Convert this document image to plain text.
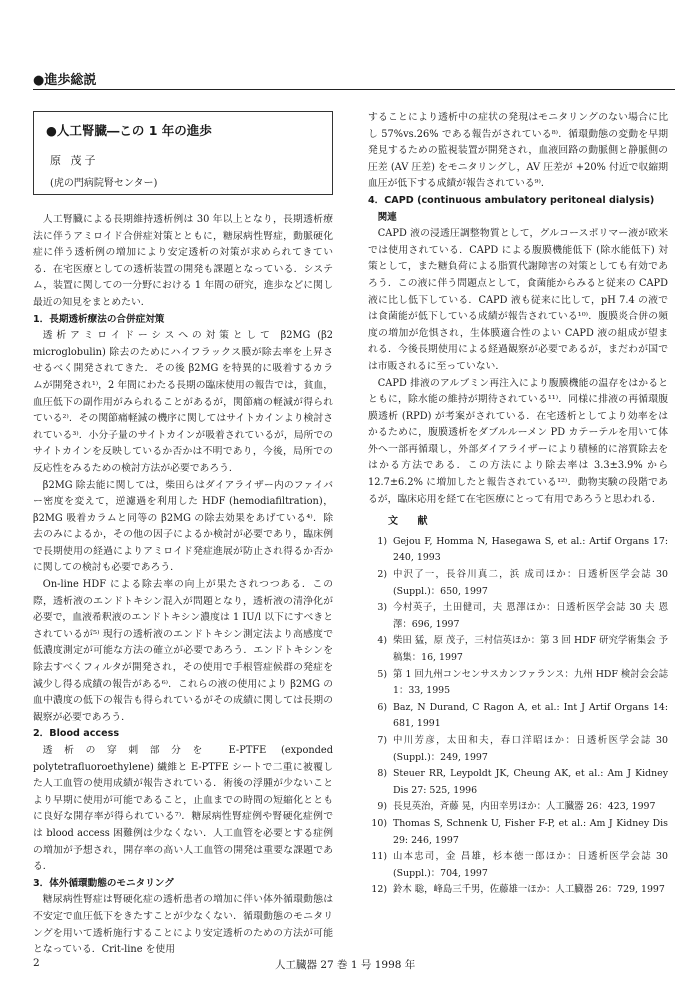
●進歩総説
●人工腎臓―この 1 年の進歩
原 茂子
(虎の門病院腎センター)

人工腎臓による長期維持透析例は 30 年以上となり，長期透析療法に伴うアミロイド合併症対策とともに，糖尿病性腎症，動脈硬化症に伴う透析例の増加により安定透析の対策が求められてきている．在宅医療としての透析装置の開発も課題となっている．システム，装置に関しての一分野における 1 年間の研究，進歩などに関し最近の知見をまとめたい．

1．長期透析療法の合併症対策

透析アミロイドーシスへの対策として β2MG (β2 microglobulin) 除去のためにハイフラックス膜が除去率を上昇させるべく開発されてきた．その後 β2MG を特異的に吸着するカラムが開発され¹⁾，2 年間にわたる長期の臨床使用の報告では，貧血，血圧低下の副作用がみられることがあるが，関節痛の軽減が得られている²⁾．その関節痛軽減の機序に関してはサイトカインより検討されている³⁾．小分子量のサイトカインが吸着されているが，局所でのサイトカインを反映しているか否かは不明であり，今後，局所での反応性をみるための検討方法が必要であろう．

β2MG 除去能に関しては，柴田らはダイアライザー内のファイバー密度を変えて，逆濾過を利用した HDF (hemodiafiltration)，β2MG 吸着カラムと同等の β2MG の除去効果をあげている⁴⁾．除去のみによるか，その他の因子によるか検討が必要であり，臨床例で長期使用の経過によりアミロイド発症進展が防止され得るか否かに関しての検討も必要であろう．

On-line HDF による除去率の向上が果たされつつある．この際，透析液のエンドトキシン混入が問題となり，透析液の清浄化が必要で，血液希釈液のエンドトキシン濃度は 1 IU/l 以下にすべきとされているが⁵⁾ 現行の透析液のエンドトキシン測定法より高感度で低濃度測定が可能な方法の確立が必要であろう．エンドトキシンを除去すべくフィルタが開発され，その使用で手根管症候群の発症を減少し得る成績の報告がある⁶⁾．これらの液の使用により β2MG の血中濃度の低下の報告も得られているがその成績に関しては長期の観察が必要であろう．

2．Blood access

透析の穿刺部分を E-PTFE (exponded polytetrafluoroethylene) 繊維と E-PTFE シートで二重に被覆した人工血管の使用成績が報告されている．術後の浮腫が少ないことより早期に使用が可能であること，止血までの時間の短縮化とともに良好な開存率が得られている⁷⁾．糖尿病性腎症例や腎硬化症例では blood access 困難例は少なくない．人工血管を必要とする症例の増加が予想され，開存率の高い人工血管の開発は重要な課題である．

3．体外循環動態のモニタリング

糖尿病性腎症は腎硬化症の透析患者の増加に伴い体外循環動態は不安定で血圧低下をきたすことが少なくない．循環動態のモニタリングを用いて透析施行することにより安定透析のための方法が可能となっている．Crit-line を使用

することにより透析中の症状の発現はモニタリングのない場合に比し 57%vs.26% である報告がされている⁸⁾．循環動態の変動を早期発見するための監視装置が開発され，血液回路の動脈側と静脈側の圧差 (AV 圧差) をモニタリングし，AV 圧差が +20% 付近で収縮期血圧が低下する成績が報告されている⁹⁾．

4．CAPD (continuous ambulatory peritoneal dialysis)
関連

CAPD 液の浸透圧調整物質として，グルコースポリマー液が欧米では使用されている．CAPD による腹膜機能低下 (除水能低下) 対策として，また糖負荷による脂質代謝障害の対策としても有効であろう．この液に伴う問題点として，食菌能からみると従来の CAPD 液に比し低下している．CAPD 液も従来に比して，pH 7.4 の液では食菌能が低下している成績が報告されている¹⁰⁾．腹膜炎合併の頻度の増加が危惧され，生体膜適合性のよい CAPD 液の組成が望まれる．今後長期使用による経過観察が必要であるが，まだわが国では市販されるに至っていない．

CAPD 排液のアルブミン再注入により腹膜機能の温存をはかるとともに，除水能の維持が期待されている¹¹⁾．同様に排液の再循環腹膜透析 (RPD) が考案がされている．在宅透析としてより効率をはかるために，腹膜透析をダブルルーメン PD カテーテルを用いて体外へ一部再循環し，外部ダイアライザーにより積極的に溶質除去をはかる方法である．この方法により除去率は 3.3±3.9% から 12.7±6.2% に増加したと報告されている¹²⁾．動物実験の段階であるが，臨床応用を経て在宅医療にとって有用であろうと思われる．

文 献
1) Gejou F, Homma N, Hasegawa S, et al.: Artif Organs 17: 240, 1993
2) 中沢了一，長谷川真二，浜 成司ほか：日透析医学会誌 30 (Suppl.)：650, 1997
3) 今村英子，土田健司，夫 恩澤ほか：日透析医学会誌 30 夫 恩澤：696, 1997
4) 柴田 猛，原 茂子，三村信英ほか：第 3 回 HDF 研究学術集会 予稿集：16, 1997
5) 第 1 回九州コンセンサスカンファランス：九州 HDF 検討会会誌 1：33, 1995
6) Baz, N Durand, C Ragon A, et al.: Int J Artif Organs 14: 681, 1991
7) 中川芳彦，太田和夫，春口洋昭ほか：日透析医学会誌 30 (Suppl.)：249, 1997
8) Steuer RR, Leypoldt JK, Cheung AK, et al.: Am J Kidney Dis 27: 525, 1996
9) 長見英治，斉藤 晃，内田幸男ほか：人工臓器 26：423, 1997
10) Thomas S, Schnenk U, Fisher F-P, et al.: Am J Kidney Dis 29: 246, 1997
11) 山本忠司，金 昌雄，杉本徳一郎ほか：日透析医学会誌 30 (Suppl.)：704, 1997
12) 鈴木 聡，峰島三千男，佐藤雄一ほか：人工臓器 26：729, 1997
2	人工臓器 27 巻 1 号 1998 年
